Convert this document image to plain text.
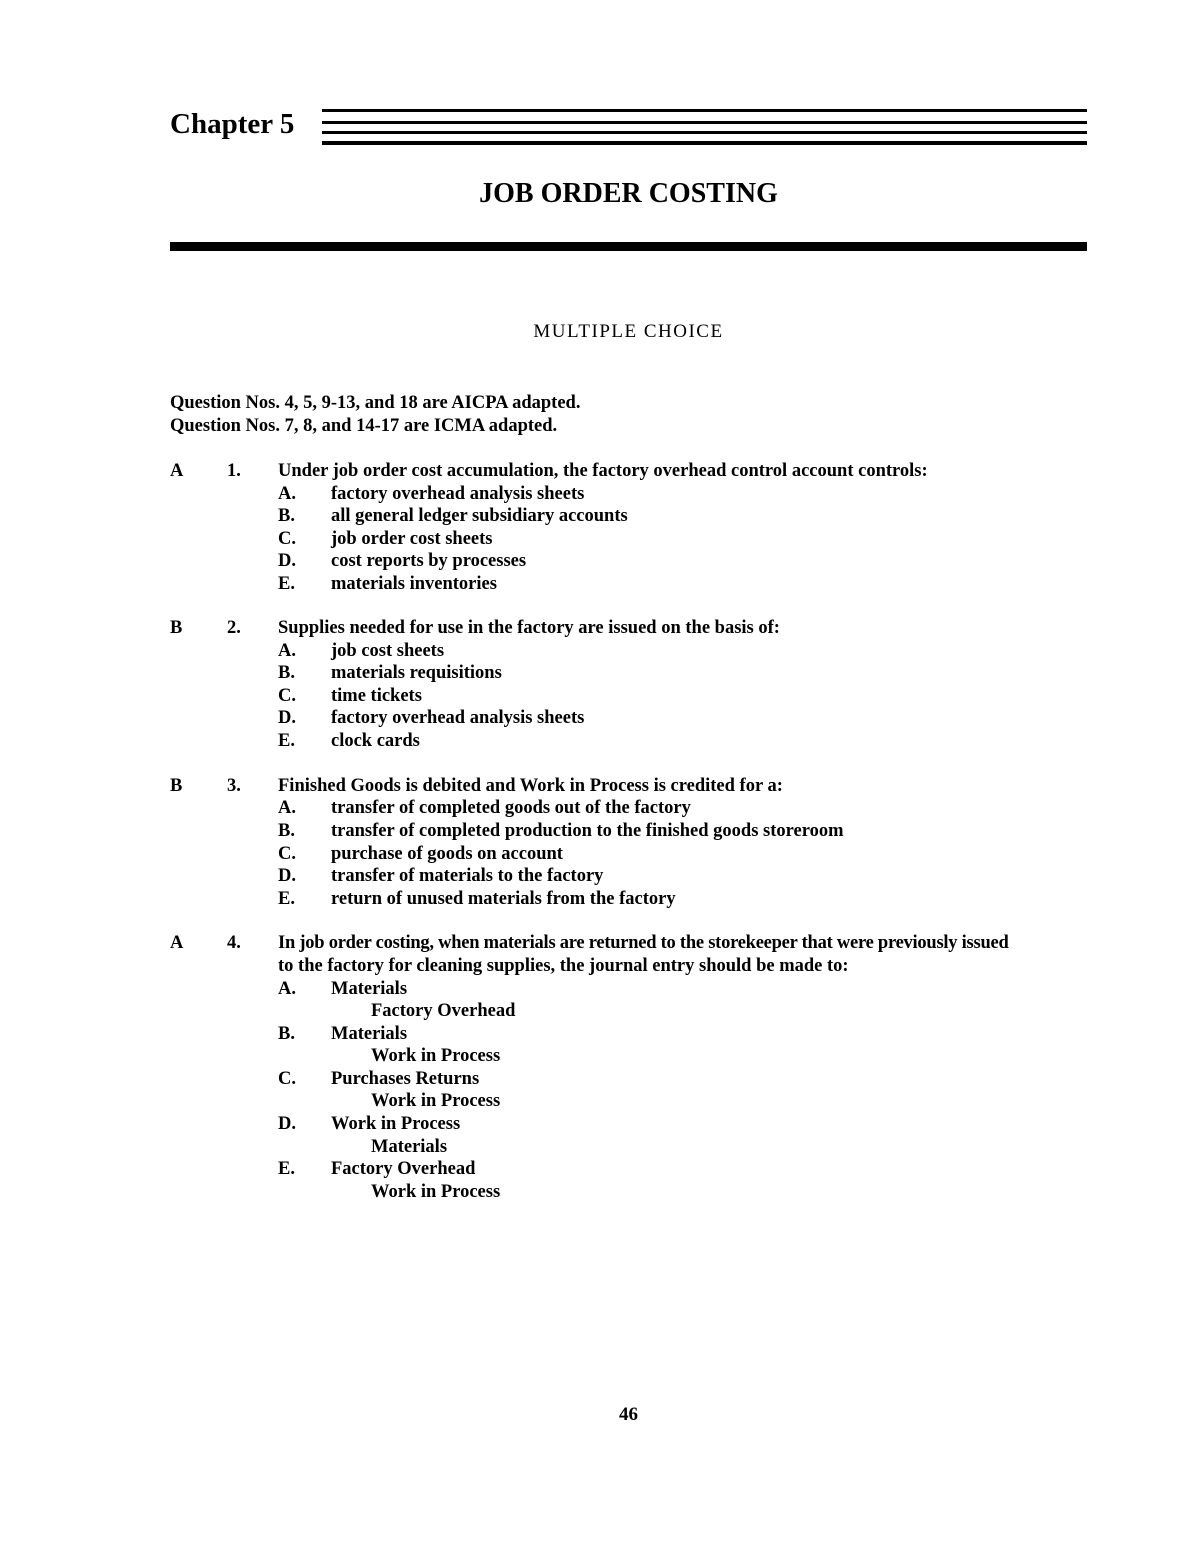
Chapter 5
JOB ORDER COSTING
MULTIPLE CHOICE
Question Nos. 4, 5, 9-13, and 18 are AICPA adapted.
Question Nos. 7, 8, and 14-17 are ICMA adapted.
A 1. Under job order cost accumulation, the factory overhead control account controls:
A. factory overhead analysis sheets
B. all general ledger subsidiary accounts
C. job order cost sheets
D. cost reports by processes
E. materials inventories
B 2. Supplies needed for use in the factory are issued on the basis of:
A. job cost sheets
B. materials requisitions
C. time tickets
D. factory overhead analysis sheets
E. clock cards
B 3. Finished Goods is debited and Work in Process is credited for a:
A. transfer of completed goods out of the factory
B. transfer of completed production to the finished goods storeroom
C. purchase of goods on account
D. transfer of materials to the factory
E. return of unused materials from the factory
A 4. In job order costing, when materials are returned to the storekeeper that were previously issued
to the factory for cleaning supplies, the journal entry should be made to:
A. Materials
Factory Overhead
B. Materials
Work in Process
C. Purchases Returns
Work in Process
D. Work in Process
Materials
E. Factory Overhead
Work in Process
46
